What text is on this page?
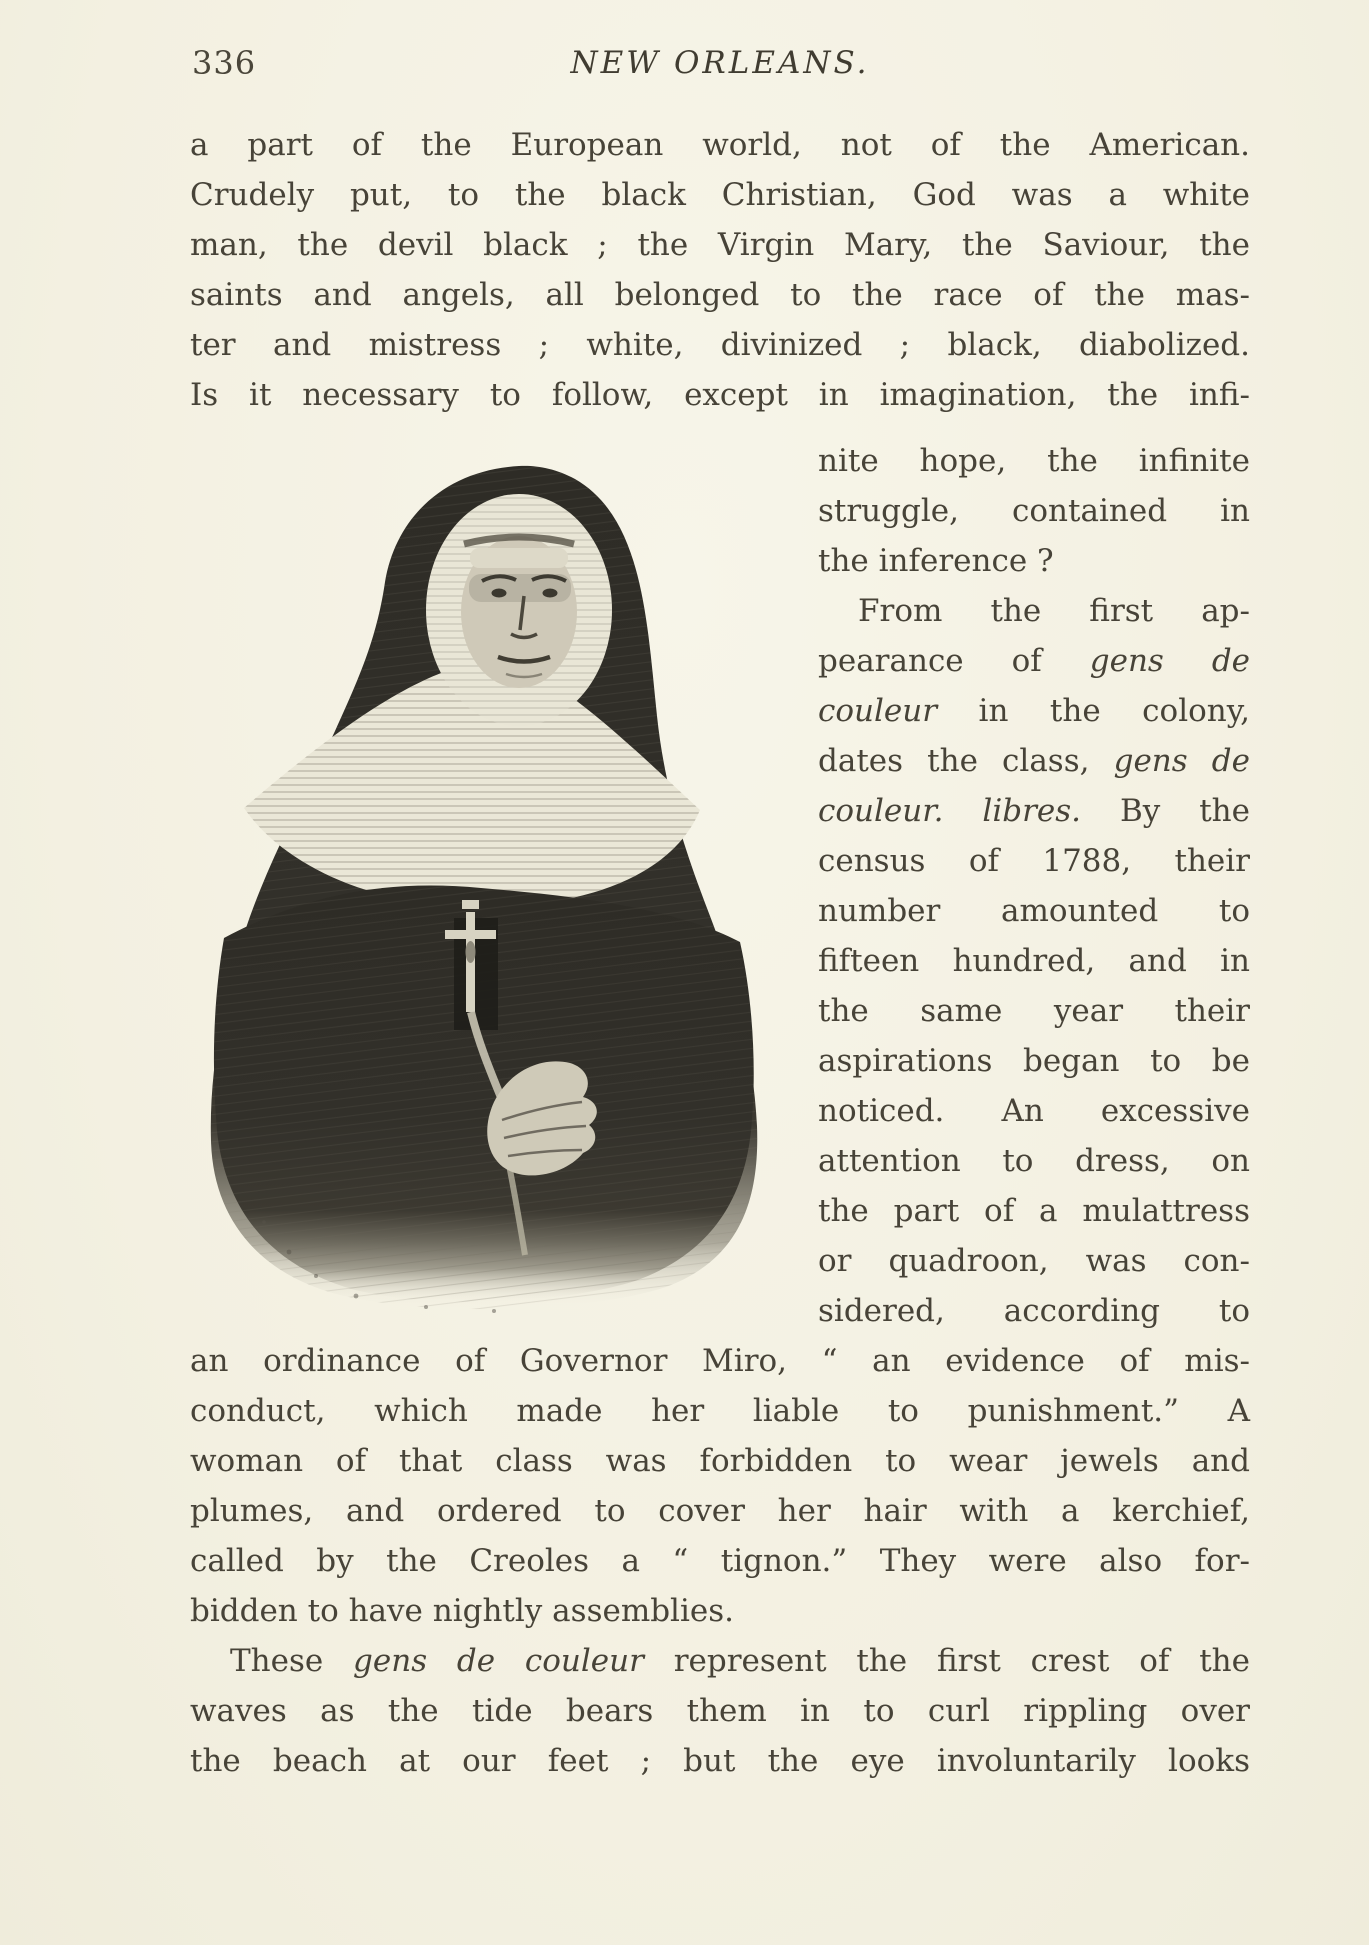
336	NEW ORLEANS.
a part of the European world, not of the American.
Crudely put, to the black Christian, God was a white
man, the devil black ; the Virgin Mary, the Saviour, the
saints and angels, all belonged to the race of the mas-
ter and mistress ; white, divinized ; black, diabolized.
Is it necessary to follow, except in imagination, the infi-
nite hope, the infinite
struggle, contained in
the inference ?
From the first ap-
pearance of gens de
couleur in the colony,
dates the class, gens de
couleur. libres. By the
census of 1788, their
number amounted to
fifteen hundred, and in
the same year their
aspirations began to be
noticed. An excessive
attention to dress, on
the part of a mulattress
or quadroon, was con-
sidered, according to
an ordinance of Governor Miro, “ an evidence of mis-
conduct, which made her liable to punishment.” A
woman of that class was forbidden to wear jewels and
plumes, and ordered to cover her hair with a kerchief,
called by the Creoles a “ tignon.” They were also for-
bidden to have nightly assemblies.
These gens de couleur represent the first crest of the
waves as the tide bears them in to curl rippling over
the beach at our feet ; but the eye involuntarily looks
